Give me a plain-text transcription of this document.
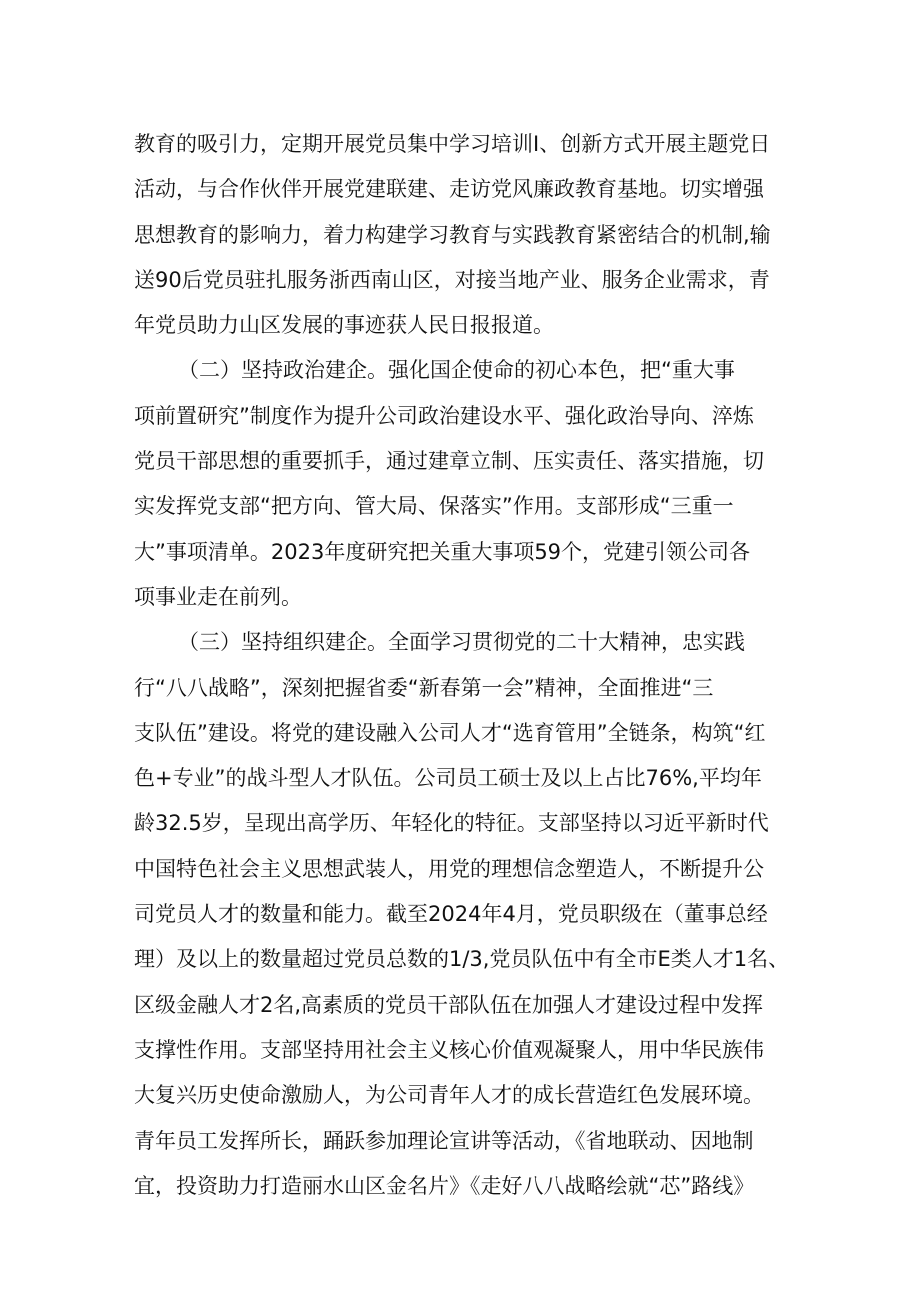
教育的吸引力，定期开展党员集中学习培训I、创新方式开展主题党日
活动，与合作伙伴开展党建联建、走访党风廉政教育基地。切实增强
思想教育的影响力，着力构建学习教育与实践教育紧密结合的机制,输
送90后党员驻扎服务浙西南山区，对接当地产业、服务企业需求，青
年党员助力山区发展的事迹获人民日报报道。
（二）坚持政治建企。强化国企使命的初心本色，把“重大事
项前置研究”制度作为提升公司政治建设水平、强化政治导向、淬炼
党员干部思想的重要抓手，通过建章立制、压实责任、落实措施，切
实发挥党支部“把方向、管大局、保落实”作用。支部形成“三重一
大”事项清单。2023年度研究把关重大事项59个，党建引领公司各
项事业走在前列。
（三）坚持组织建企。全面学习贯彻党的二十大精神，忠实践
行“八八战略”，深刻把握省委“新春第一会”精神，全面推进“三
支队伍”建设。将党的建设融入公司人才“选育管用”全链条，构筑“红
色+专业”的战斗型人才队伍。公司员工硕士及以上占比76%,平均年
龄32.5岁，呈现出高学历、年轻化的特征。支部坚持以习近平新时代
中国特色社会主义思想武装人，用党的理想信念塑造人，不断提升公
司党员人才的数量和能力。截至2024年4月，党员职级在（董事总经
理）及以上的数量超过党员总数的1/3,党员队伍中有全市E类人才1名、
区级金融人才2名,高素质的党员干部队伍在加强人才建设过程中发挥
支撑性作用。支部坚持用社会主义核心价值观凝聚人，用中华民族伟
大复兴历史使命激励人，为公司青年人才的成长营造红色发展环境。
青年员工发挥所长，踊跃参加理论宣讲等活动，《省地联动、因地制
宜，投资助力打造丽水山区金名片》《走好八八战略绘就“芯”路线》
